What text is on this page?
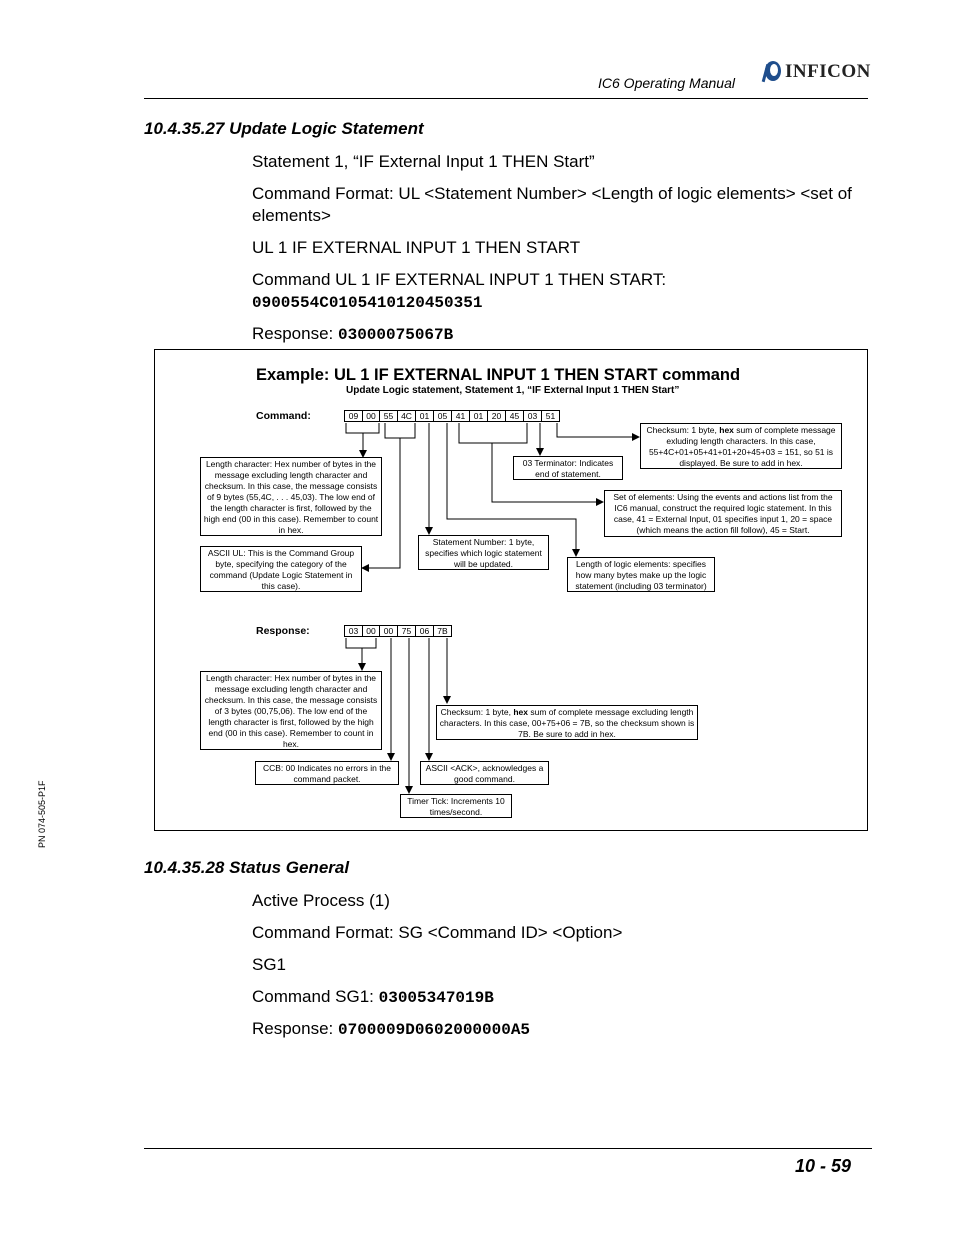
IC6 Operating Manual
INFICON
10.4.35.27 Update Logic Statement
Statement 1, “IF External Input 1 THEN Start”
Command Format: UL <Statement Number> <Length of logic elements> <set of elements>
UL 1 IF EXTERNAL INPUT 1 THEN START
Command UL 1 IF EXTERNAL INPUT 1 THEN START:
0900554C0105410120450351
Response: 03000075067B
Example: UL 1 IF EXTERNAL INPUT 1 THEN START command
Update Logic statement, Statement 1, “IF External Input 1 THEN Start”
Command:	09 00 55 4C 01	05	41	01	20	45	03	51
Length character: Hex number of bytes in the message excluding length character and checksum. In this case, the message consists of 9 bytes (55,4C, . . . 45,03). The low end of the length character is first, followed by the high end (00 in this case). Remember to count in hex.
ASCII UL: This is the Command Group byte, specifying the category of the command (Update Logic Statement in this case).
Statement Number: 1 byte, specifies which logic statement will be updated.
03 Terminator: Indicates end of statement.
Length of logic elements: specifies how many bytes make up the logic statement (including 03 terminator)
Checksum: 1 byte, hex sum of complete message exluding length characters. In this case, 55+4C+01+05+41+01+20+45+03 = 151, so 51 is displayed. Be sure to add in hex.
Set of elements: Using the events and actions list from the IC6 manual, construct the required logic statement. In this case, 41 = External Input, 01 specifies input 1, 20 = space (which means the action fill follow), 45 = Start.
Response:	03 00 00	75	06 7B
Length character: Hex number of bytes in the message excluding length character and checksum. In this case, the message consists of 3 bytes (00,75,06). The low end of the length character is first, followed by the high end (00 in this case). Remember to count in hex.
Checksum: 1 byte, hex sum of complete message excluding length characters. In this case, 00+75+06 = 7B, so the checksum shown is 7B. Be sure to add in hex.
CCB: 00 Indicates no errors in the command packet.
ASCII <ACK>, acknowledges a good command.
Timer Tick: Increments 10 times/second.
10.4.35.28 Status General
Active Process (1)
Command Format: SG <Command ID> <Option>
SG1
Command SG1: 03005347019B
Response: 0700009D0602000000A5
PN 074-505-P1F
10 - 59
